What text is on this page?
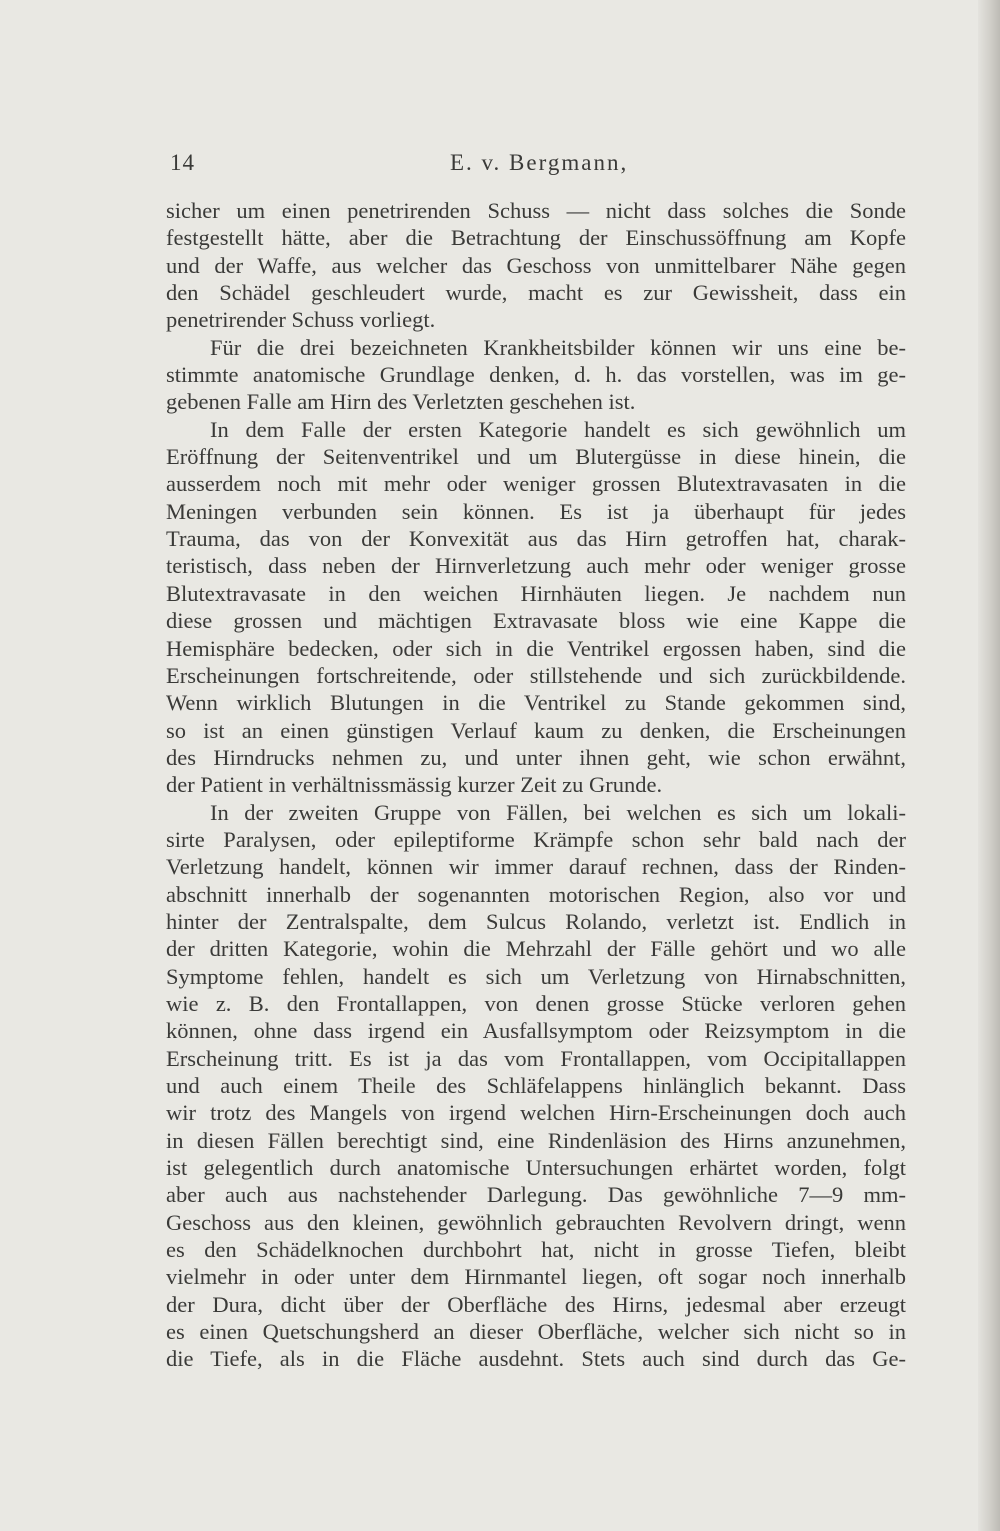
14	E. v. Bergmann,
sicher um einen penetrirenden Schuss — nicht dass solches die Sonde
festgestellt hätte, aber die Betrachtung der Einschussöffnung am Kopfe
und der Waffe, aus welcher das Geschoss von unmittelbarer Nähe gegen
den Schädel geschleudert wurde, macht es zur Gewissheit, dass ein
penetrirender Schuss vorliegt.
Für die drei bezeichneten Krankheitsbilder können wir uns eine be-
stimmte anatomische Grundlage denken, d. h. das vorstellen, was im ge-
gebenen Falle am Hirn des Verletzten geschehen ist.
In dem Falle der ersten Kategorie handelt es sich gewöhnlich um
Eröffnung der Seitenventrikel und um Blutergüsse in diese hinein, die
ausserdem noch mit mehr oder weniger grossen Blutextravasaten in die
Meningen verbunden sein können. Es ist ja überhaupt für jedes
Trauma, das von der Konvexität aus das Hirn getroffen hat, charak-
teristisch, dass neben der Hirnverletzung auch mehr oder weniger grosse
Blutextravasate in den weichen Hirnhäuten liegen. Je nachdem nun
diese grossen und mächtigen Extravasate bloss wie eine Kappe die
Hemisphäre bedecken, oder sich in die Ventrikel ergossen haben, sind die
Erscheinungen fortschreitende, oder stillstehende und sich zurückbildende.
Wenn wirklich Blutungen in die Ventrikel zu Stande gekommen sind,
so ist an einen günstigen Verlauf kaum zu denken, die Erscheinungen
des Hirndrucks nehmen zu, und unter ihnen geht, wie schon erwähnt,
der Patient in verhältnissmässig kurzer Zeit zu Grunde.
In der zweiten Gruppe von Fällen, bei welchen es sich um lokali-
sirte Paralysen, oder epileptiforme Krämpfe schon sehr bald nach der
Verletzung handelt, können wir immer darauf rechnen, dass der Rinden-
abschnitt innerhalb der sogenannten motorischen Region, also vor und
hinter der Zentralspalte, dem Sulcus Rolando, verletzt ist. Endlich in
der dritten Kategorie, wohin die Mehrzahl der Fälle gehört und wo alle
Symptome fehlen, handelt es sich um Verletzung von Hirnabschnitten,
wie z. B. den Frontallappen, von denen grosse Stücke verloren gehen
können, ohne dass irgend ein Ausfallsymptom oder Reizsymptom in die
Erscheinung tritt. Es ist ja das vom Frontallappen, vom Occipitallappen
und auch einem Theile des Schläfelappens hinlänglich bekannt. Dass
wir trotz des Mangels von irgend welchen Hirn-Erscheinungen doch auch
in diesen Fällen berechtigt sind, eine Rindenläsion des Hirns anzunehmen,
ist gelegentlich durch anatomische Untersuchungen erhärtet worden, folgt
aber auch aus nachstehender Darlegung. Das gewöhnliche 7—9 mm-
Geschoss aus den kleinen, gewöhnlich gebrauchten Revolvern dringt, wenn
es den Schädelknochen durchbohrt hat, nicht in grosse Tiefen, bleibt
vielmehr in oder unter dem Hirnmantel liegen, oft sogar noch innerhalb
der Dura, dicht über der Oberfläche des Hirns, jedesmal aber erzeugt
es einen Quetschungsherd an dieser Oberfläche, welcher sich nicht so in
die Tiefe, als in die Fläche ausdehnt. Stets auch sind durch das Ge-
